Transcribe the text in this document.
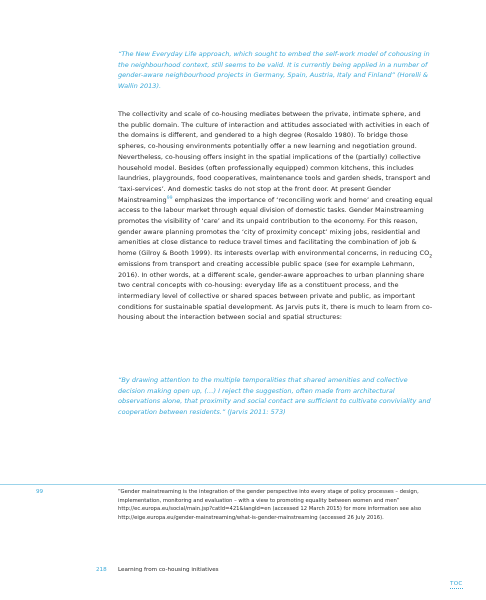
“The New Everyday Life approach, which sought to embed the self-work model of cohousing in the neighbourhood context, still seems to be valid. It is currently being applied in a number of gender-aware neighbourhood projects in Germany, Spain, Austria, Italy and Finland” (Horelli & Wallin 2013).

The collectivity and scale of co-housing mediates between the private, intimate sphere, and the public domain. The culture of interaction and attitudes associated with activities in each of the domains is different, and gendered to a high degree (Rosaldo 1980). To bridge those spheres, co-housing environments potentially offer a new learning and negotiation ground. Nevertheless, co-housing offers insight in the spatial implications of the (partially) collective household model. Besides (often professionally equipped) common kitchens, this includes laundries, playgrounds, food cooperatives, maintenance tools and garden sheds, transport and ‘taxi-services’. And domestic tasks do not stop at the front door. At present Gender Mainstreaming$^{99}$ emphasizes the importance of ‘reconciling work and home’ and creating equal access to the labour market through equal division of domestic tasks. Gender Mainstreaming promotes the visibility of ‘care’ and its unpaid contribution to the economy. For this reason, gender aware planning promotes the ‘city of proximity concept’ mixing jobs, residential and amenities at close distance to reduce travel times and facilitating the combination of job & home (Gilroy & Booth 1999). Its interests overlap with environmental concerns, in reducing $CO_2$ emissions from transport and creating accessible public space (see for example Lehmann, 2016). In other words, at a different scale, gender-aware approaches to urban planning share two central concepts with co-housing: everyday life as a constituent process, and the intermediary level of collective or shared spaces between private and public, as important conditions for sustainable spatial development. As Jarvis puts it, there is much to learn from co-housing about the interaction between social and spatial structures:

“By drawing attention to the multiple temporalities that shared amenities and collective decision making open up, (…) I reject the suggestion, often made from architectural observations alone, that proximity and social contact are sufficient to cultivate conviviality and cooperation between residents.” (Jarvis 2011: 573)

99	“Gender mainstreaming is the integration of the gender perspective into every stage of policy processes – design, implementation, monitoring and evaluation – with a view to promoting equality between women and men” http://ec.europa.eu/social/main.jsp?catId=421&langId=en (accessed 12 March 2015) for more information see also http://eige.europa.eu/gender-mainstreaming/what-is-gender-mainstreaming (accessed 26 July 2016).

218 Learning from co-housing initiatives
TOC
